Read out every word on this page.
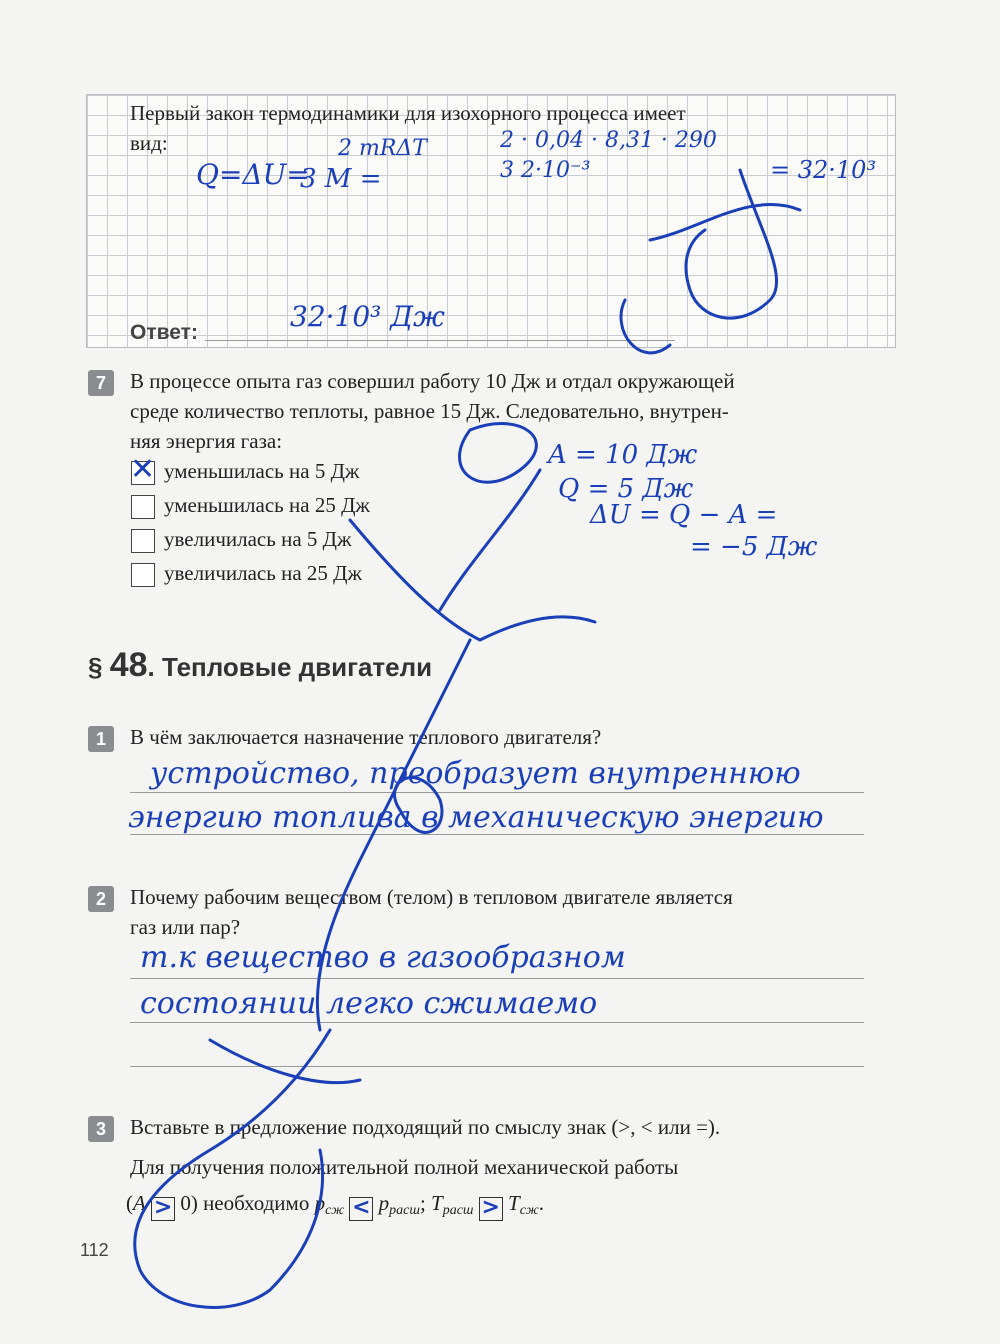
Первый закон термодинамики для изохорного процесса имеет
вид:
Q=ΔU=
2 mRΔT
3 M =
2 · 0,04 · 8,31 · 290
3 2·10⁻³	= 32·10³
Ответ:	32·10³ Дж
7	В процессе опыта газ совершил работу 10 Дж и отдал окружающей
среде количество теплоты, равное 15 Дж. Следовательно, внутрен-
няя энергия газа:
✕ уменьшилась на 5 Дж
уменьшилась на 25 Дж
увеличилась на 5 Дж
увеличилась на 25 Дж
A = 10 Дж
Q = 5 Дж
ΔU = Q − A =
= −5 Дж
§ 48. Тепловые двигатели
1	В чём заключается назначение теплового двигателя?
устройство, преобразует внутреннюю
энергию топлива в механическую энергию
2	Почему рабочим веществом (телом) в тепловом двигателе является
газ или пар?
т.к вещество в газообразном
состоянии легко сжимаемо
3	Вставьте в предложение подходящий по смыслу знак (>, < или =).
Для получения положительной полной механической работы
(A > 0) необходимо pсж < pрасш; Tрасш > Tсж.
112
